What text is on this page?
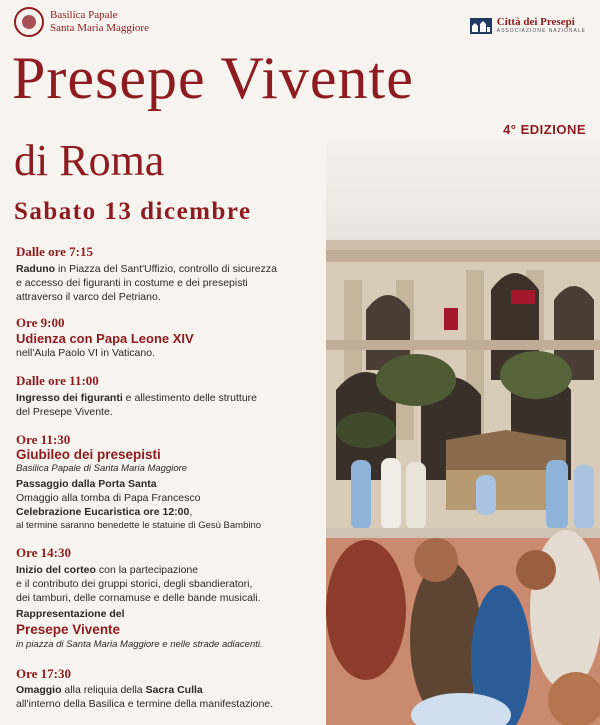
Basilica Papale
Santa Maria Maggiore	Città dei Presepi
ASSOCIAZIONE NAZIONALE
Presepe Vivente
4° EDIZIONE
di Roma
Sabato 13 dicembre
Dalle ore 7:15
Raduno in Piazza del Sant'Uffizio, controllo di sicurezza
e accesso dei figuranti in costume e dei presepisti
attraverso il varco del Petriano.
Ore 9:00
Udienza con Papa Leone XIV
nell'Aula Paolo VI in Vaticano.
Dalle ore 11:00
Ingresso dei figuranti e allestimento delle strutture
del Presepe Vivente.
Ore 11:30
Giubileo dei presepisti
Basilica Papale di Santa Maria Maggiore
Passaggio dalla Porta Santa
Omaggio alla tomba di Papa Francesco
Celebrazione Eucaristica ore 12:00,
al termine saranno benedette le statuine di Gesù Bambino
Ore 14:30
Inizio del corteo con la partecipazione
e il contributo dei gruppi storici, degli sbandieratori,
dei tamburi, delle cornamuse e delle bande musicali.
Rappresentazione del
Presepe Vivente
in piazza di Santa Maria Maggiore e nelle strade adiacenti.
Ore 17:30
Omaggio alla reliquia della Sacra Culla
all'interno della Basilica e termine della manifestazione.
